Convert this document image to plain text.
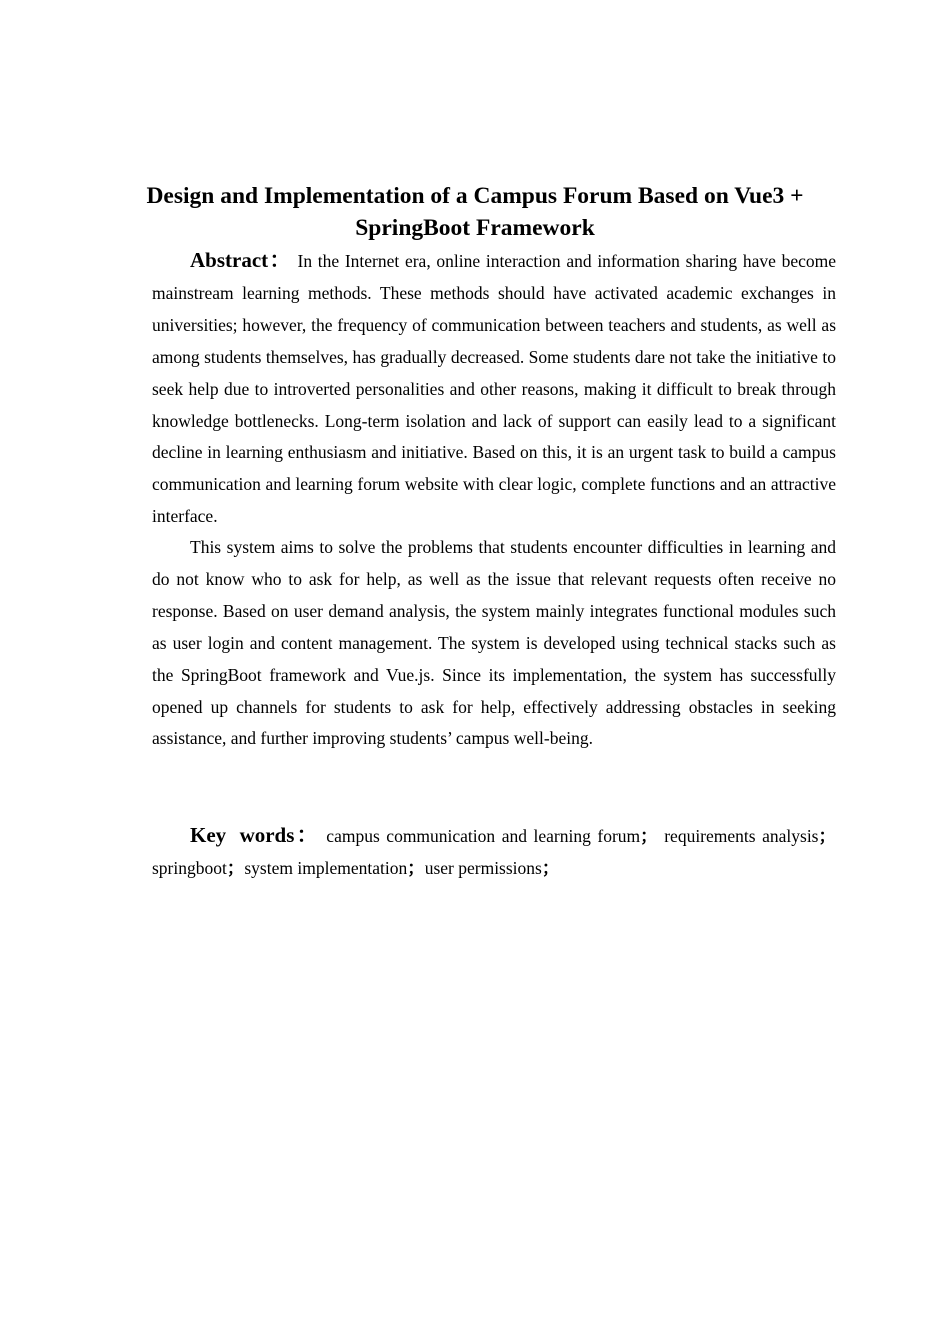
Design and Implementation of a Campus Forum Based on Vue3 +
SpringBoot Framework

Abstract： In the Internet era, online interaction and information sharing have become mainstream learning methods. These methods should have activated academic exchanges in universities; however, the frequency of communication between teachers and students, as well as among students themselves, has gradually decreased. Some students dare not take the initiative to seek help due to introverted personalities and other reasons, making it difficult to break through knowledge bottlenecks. Long-term isolation and lack of support can easily lead to a significant decline in learning enthusiasm and initiative. Based on this, it is an urgent task to build a campus communication and learning forum website with clear logic, complete functions and an attractive interface.

This system aims to solve the problems that students encounter difficulties in learning and do not know who to ask for help, as well as the issue that relevant requests often receive no response. Based on user demand analysis, the system mainly integrates functional modules such as user login and content management. The system is developed using technical stacks such as the SpringBoot framework and Vue.js. Since its implementation, the system has successfully opened up channels for students to ask for help, effectively addressing obstacles in seeking assistance, and further improving students’ campus well-being.

Key words： campus communication and learning forum； requirements analysis；springboot；system implementation；user permissions；
